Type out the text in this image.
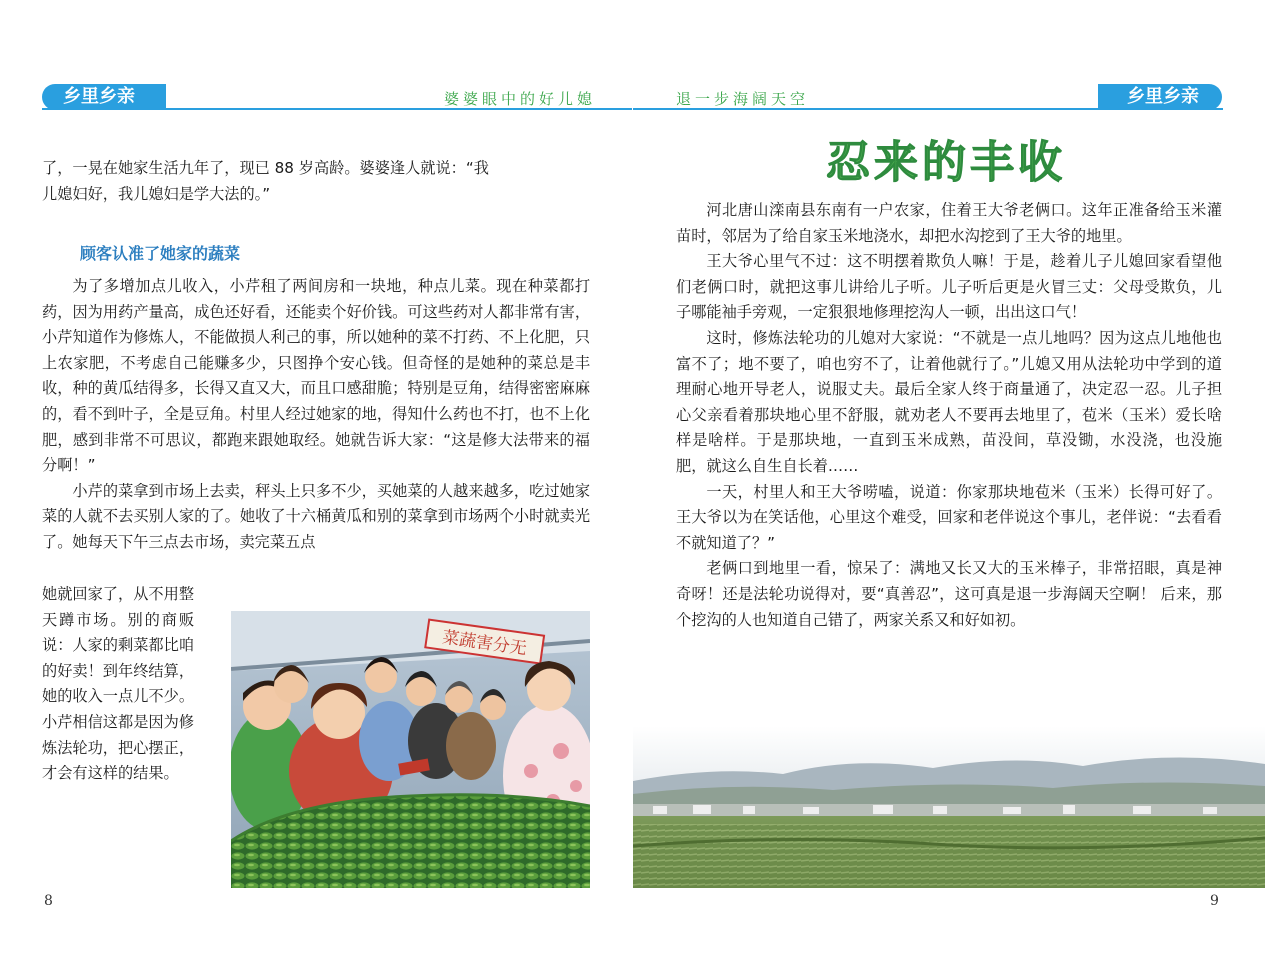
乡里乡亲	乡里乡亲
婆婆眼中的好儿媳	退一步海阔天空

了，一晃在她家生活九年了，现已 88 岁高龄。婆婆逢人就说：“我

儿媳妇好，我儿媳妇是学大法的。”

顾客认准了她家的蔬菜

为了多增加点儿收入，小芹租了两间房和一块地，种点儿菜。现在种菜都打药，因为用药产量高，成色还好看，还能卖个好价钱。可这些药对人都非常有害，小芹知道作为修炼人，不能做损人利己的事，所以她种的菜不打药、不上化肥，只上农家肥，不考虑自己能赚多少，只图挣个安心钱。但奇怪的是她种的菜总是丰收，种的黄瓜结得多，长得又直又大，而且口感甜脆；特别是豆角，结得密密麻麻的，看不到叶子，全是豆角。村里人经过她家的地，得知什么药也不打，也不上化肥，感到非常不可思议，都跑来跟她取经。她就告诉大家：“这是修大法带来的福分啊！”

小芹的菜拿到市场上去卖，秤头上只多不少，买她菜的人越来越多，吃过她家菜的人就不去买别人家的了。她收了十六桶黄瓜和别的菜拿到市场两个小时就卖光了。她每天下午三点去市场，卖完菜五点

她就回家了，从不用整天蹲市场。别的商贩说：人家的剩菜都比咱的好卖！到年终结算，她的收入一点儿不少。小芹相信这都是因为修炼法轮功，把心摆正，才会有这样的结果。

菜蔬害分无
8
忍来的丰收

河北唐山滦南县东南有一户农家，住着王大爷老俩口。这年正准备给玉米灌苗时，邻居为了给自家玉米地浇水，却把水沟挖到了王大爷的地里。

王大爷心里气不过：这不明摆着欺负人嘛！于是，趁着儿子儿媳回家看望他们老俩口时，就把这事儿讲给儿子听。儿子听后更是火冒三丈：父母受欺负，儿子哪能袖手旁观，一定狠狠地修理挖沟人一顿，出出这口气！

这时，修炼法轮功的儿媳对大家说：“不就是一点儿地吗？因为这点儿地他也富不了；地不要了，咱也穷不了，让着他就行了。”儿媳又用从法轮功中学到的道理耐心地开导老人，说服丈夫。最后全家人终于商量通了，决定忍一忍。儿子担心父亲看着那块地心里不舒服，就劝老人不要再去地里了，苞米（玉米）爱长啥样是啥样。于是那块地，一直到玉米成熟，苗没间，草没锄，水没浇，也没施肥，就这么自生自长着……

一天，村里人和王大爷唠嗑，说道：你家那块地苞米（玉米）长得可好了。王大爷以为在笑话他，心里这个难受，回家和老伴说这个事儿，老伴说：“去看看不就知道了？”

老俩口到地里一看，惊呆了：满地又长又大的玉米棒子，非常招眼，真是神奇呀！还是法轮功说得对，要“真善忍”，这可真是退一步海阔天空啊！ 后来，那个挖沟的人也知道自己错了，两家关系又和好如初。

9
